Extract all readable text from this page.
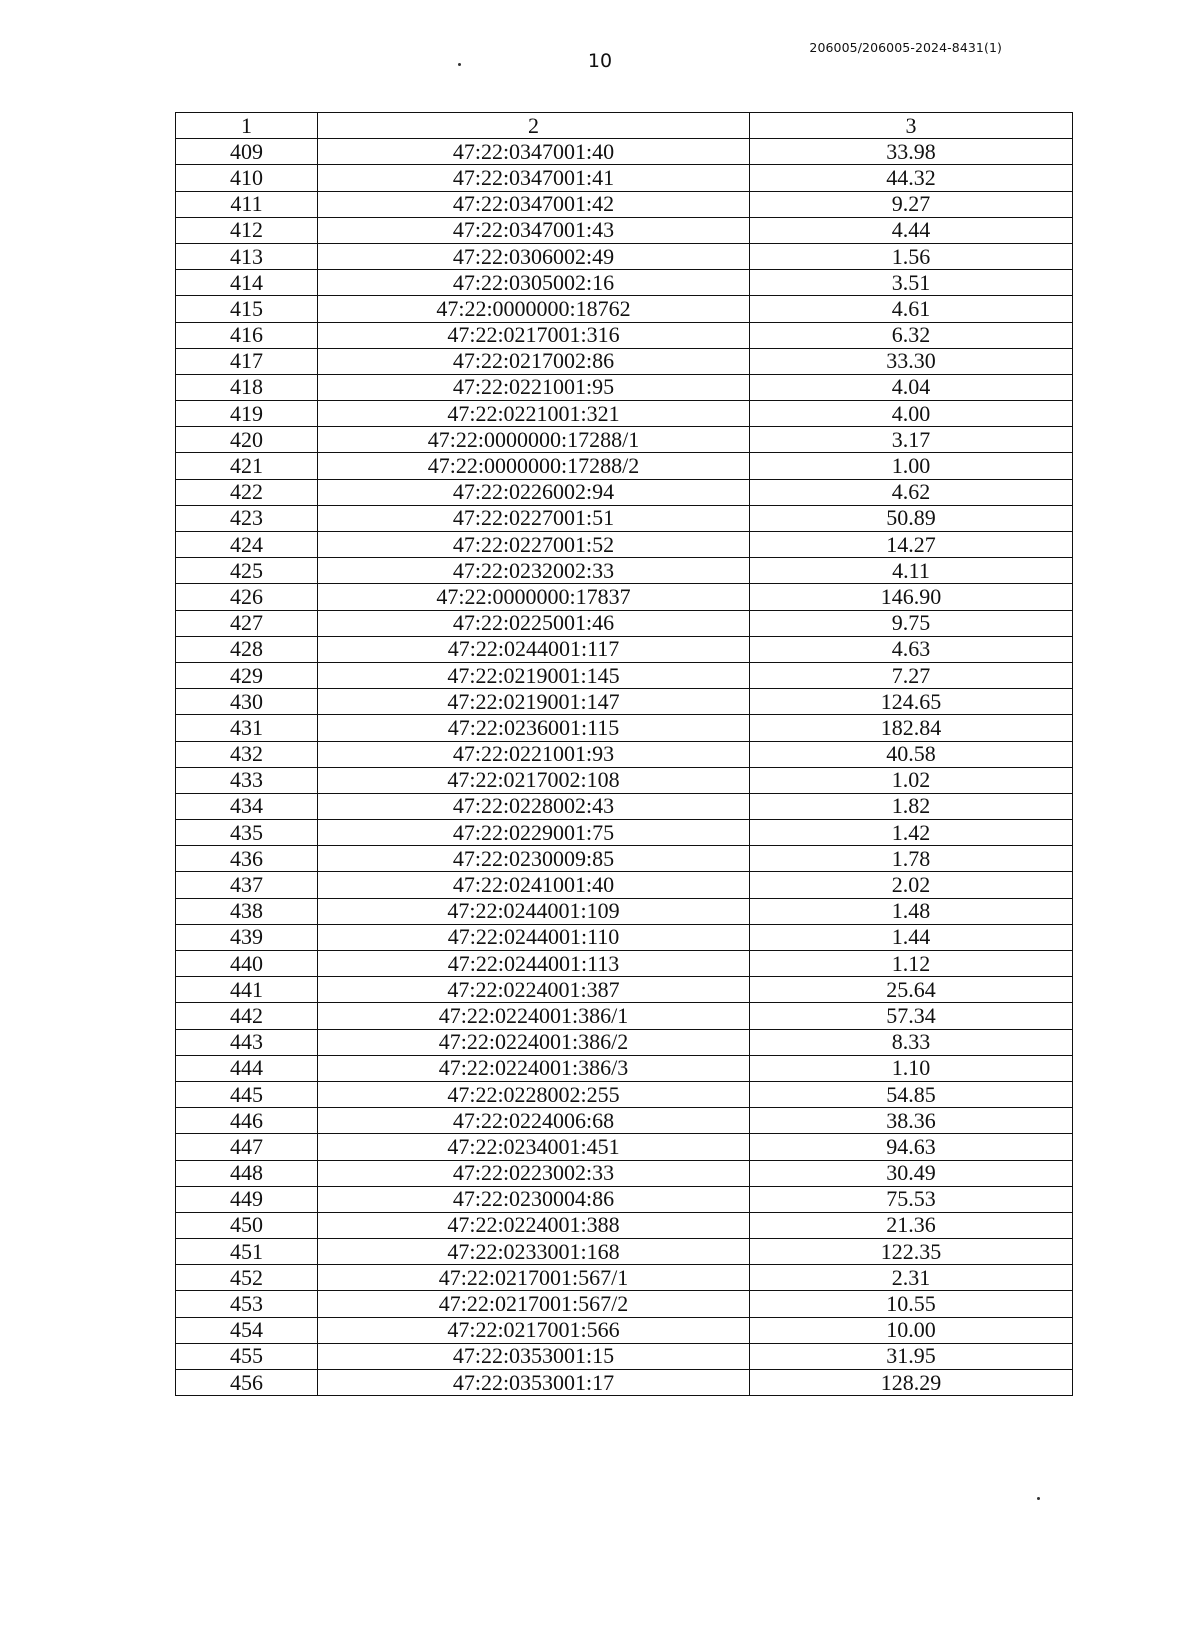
10
206005/206005-2024-8431(1)
1	2	3
409	47:22:0347001:40	33.98
410	47:22:0347001:41	44.32
411	47:22:0347001:42	9.27
412	47:22:0347001:43	4.44
413	47:22:0306002:49	1.56
414	47:22:0305002:16	3.51
415	47:22:0000000:18762	4.61
416	47:22:0217001:316	6.32
417	47:22:0217002:86	33.30
418	47:22:0221001:95	4.04
419	47:22:0221001:321	4.00
420	47:22:0000000:17288/1	3.17
421	47:22:0000000:17288/2	1.00
422	47:22:0226002:94	4.62
423	47:22:0227001:51	50.89
424	47:22:0227001:52	14.27
425	47:22:0232002:33	4.11
426	47:22:0000000:17837	146.90
427	47:22:0225001:46	9.75
428	47:22:0244001:117	4.63
429	47:22:0219001:145	7.27
430	47:22:0219001:147	124.65
431	47:22:0236001:115	182.84
432	47:22:0221001:93	40.58
433	47:22:0217002:108	1.02
434	47:22:0228002:43	1.82
435	47:22:0229001:75	1.42
436	47:22:0230009:85	1.78
437	47:22:0241001:40	2.02
438	47:22:0244001:109	1.48
439	47:22:0244001:110	1.44
440	47:22:0244001:113	1.12
441	47:22:0224001:387	25.64
442	47:22:0224001:386/1	57.34
443	47:22:0224001:386/2	8.33
444	47:22:0224001:386/3	1.10
445	47:22:0228002:255	54.85
446	47:22:0224006:68	38.36
447	47:22:0234001:451	94.63
448	47:22:0223002:33	30.49
449	47:22:0230004:86	75.53
450	47:22:0224001:388	21.36
451	47:22:0233001:168	122.35
452	47:22:0217001:567/1	2.31
453	47:22:0217001:567/2	10.55
454	47:22:0217001:566	10.00
455	47:22:0353001:15	31.95
456	47:22:0353001:17	128.29
